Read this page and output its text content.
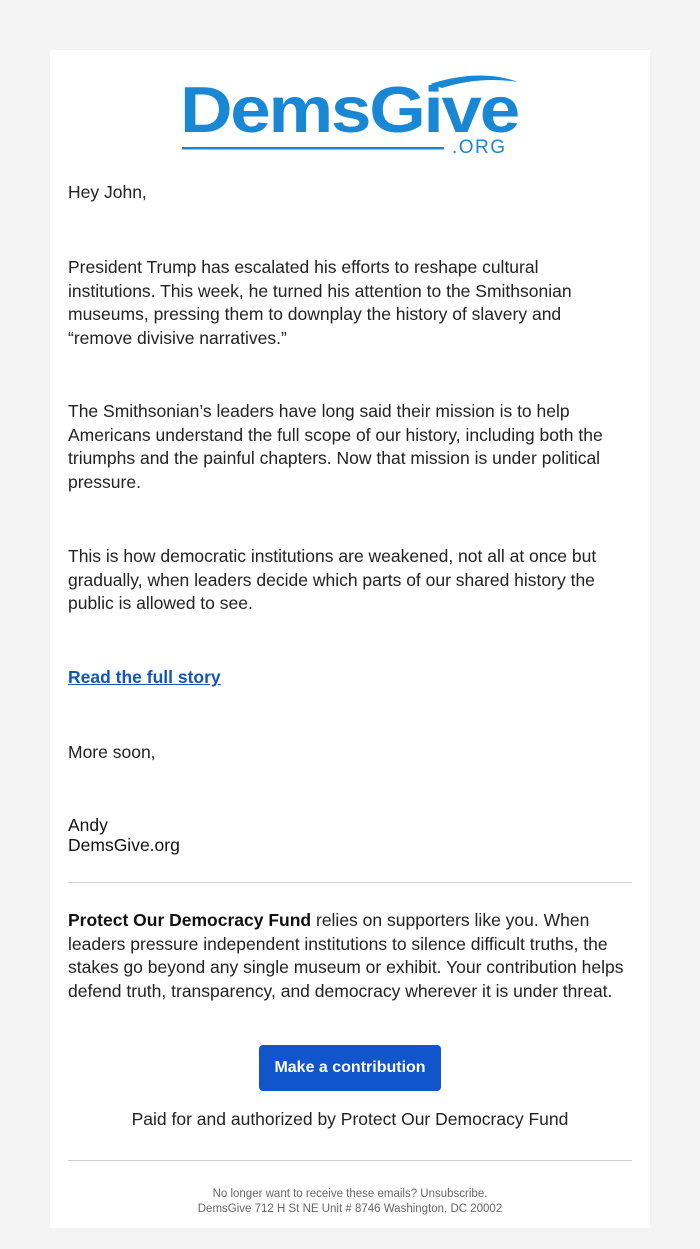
DemsGive
.ORG

Hey John,

President Trump has escalated his efforts to reshape cultural institutions. This week, he turned his attention to the Smithsonian museums, pressing them to downplay the history of slavery and “remove divisive narratives.”

The Smithsonian’s leaders have long said their mission is to help Americans understand the full scope of our history, including both the triumphs and the painful chapters. Now that mission is under political pressure.

This is how democratic institutions are weakened, not all at once but gradually, when leaders decide which parts of our shared history the public is allowed to see.

Read the full story

More soon,

Andy
DemsGive.org

Protect Our Democracy Fund relies on supporters like you. When leaders pressure independent institutions to silence difficult truths, the stakes go beyond any single museum or exhibit. Your contribution helps defend truth, transparency, and democracy wherever it is under threat.

Make a contribution
Paid for and authorized by Protect Our Democracy Fund
No longer want to receive these emails? Unsubscribe.
DemsGive 712 H St NE Unit # 8746 Washington, DC 20002
